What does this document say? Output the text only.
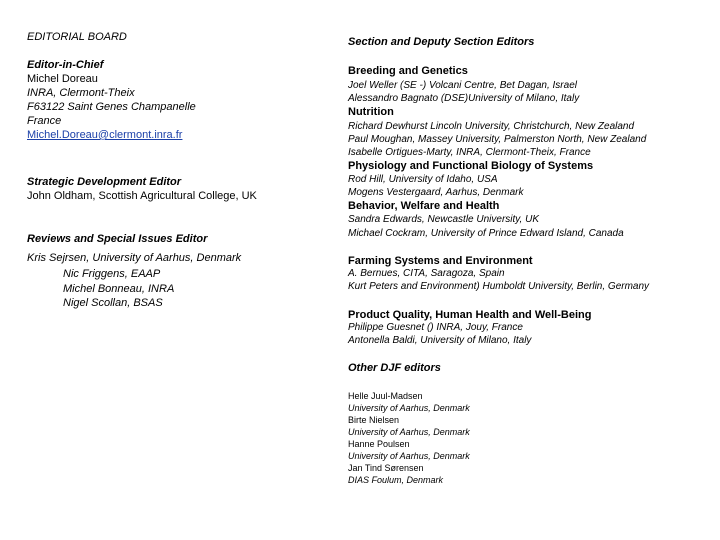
EDITORIAL BOARD
Editor-in-Chief
Michel Doreau
INRA, Clermont-Theix
F63122 Saint Genes Champanelle
France
Michel.Doreau@clermont.inra.fr
Strategic Development Editor
John Oldham, Scottish Agricultural College, UK
Reviews and Special Issues Editor
Kris Sejrsen, University of Aarhus, Denmark
Nic Friggens, EAAP
Michel Bonneau, INRA
Nigel Scollan, BSAS
Section and Deputy Section Editors
Breeding and Genetics
Joel Weller (SE -) Volcani Centre, Bet Dagan, Israel
Alessandro Bagnato (DSE)University of Milano, Italy
Nutrition
Richard Dewhurst Lincoln University, Christchurch, New Zealand
Paul Moughan, Massey University, Palmerston North, New Zealand
Isabelle Ortigues-Marty, INRA, Clermont-Theix, France
Physiology and Functional Biology of Systems
Rod Hill, University of Idaho, USA
Mogens Vestergaard, Aarhus, Denmark
Behavior, Welfare and Health
Sandra Edwards, Newcastle University, UK
Michael Cockram, University of Prince Edward Island, Canada
Farming Systems and Environment
A. Bernues, CITA, Saragoza, Spain
Kurt Peters and Environment) Humboldt University, Berlin, Germany
Product Quality, Human Health and Well-Being
Philippe Guesnet () INRA, Jouy, France
Antonella Baldi, University of Milano, Italy
Other DJF editors
Helle Juul-Madsen
University of Aarhus, Denmark
Birte Nielsen
University of Aarhus, Denmark
Hanne Poulsen
University of Aarhus, Denmark
Jan Tind Sørensen
DIAS Foulum, Denmark
